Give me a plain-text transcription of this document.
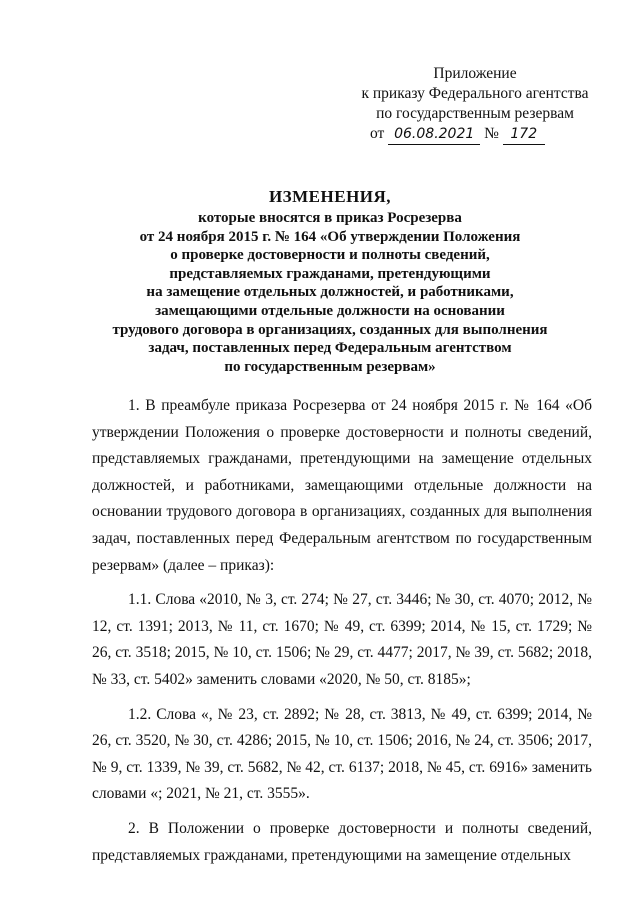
Приложение
к приказу Федерального агентства
по государственным резервам
от 06.08.2021 № 172
ИЗМЕНЕНИЯ,
которые вносятся в приказ Росрезерва
от 24 ноября 2015 г. № 164 «Об утверждении Положения
о проверке достоверности и полноты сведений,
представляемых гражданами, претендующими
на замещение отдельных должностей, и работниками,
замещающими отдельные должности на основании
трудового договора в организациях, созданных для выполнения
задач, поставленных перед Федеральным агентством
по государственным резервам»

1. В преамбуле приказа Росрезерва от 24 ноября 2015 г. № 164 «Об утверждении Положения о проверке достоверности и полноты сведений, представляемых гражданами, претендующими на замещение отдельных должностей, и работниками, замещающими отдельные должности на основании трудового договора в организациях, созданных для выполнения задач, поставленных перед Федеральным агентством по государственным резервам» (далее – приказ):

1.1. Слова «2010, № 3, ст. 274; № 27, ст. 3446; № 30, ст. 4070; 2012, № 12, ст. 1391; 2013, № 11, ст. 1670; № 49, ст. 6399; 2014, № 15, ст. 1729; № 26, ст. 3518; 2015, № 10, ст. 1506; № 29, ст. 4477; 2017, № 39, ст. 5682; 2018, № 33, ст. 5402» заменить словами «2020, № 50, ст. 8185»;

1.2. Слова «, № 23, ст. 2892; № 28, ст. 3813, № 49, ст. 6399; 2014, № 26, ст. 3520, № 30, ст. 4286; 2015, № 10, ст. 1506; 2016, № 24, ст. 3506; 2017, № 9, ст. 1339, № 39, ст. 5682, № 42, ст. 6137; 2018, № 45, ст. 6916» заменить словами «; 2021, № 21, ст. 3555».

2. В Положении о проверке достоверности и полноты сведений, представляемых гражданами, претендующими на замещение отдельных
